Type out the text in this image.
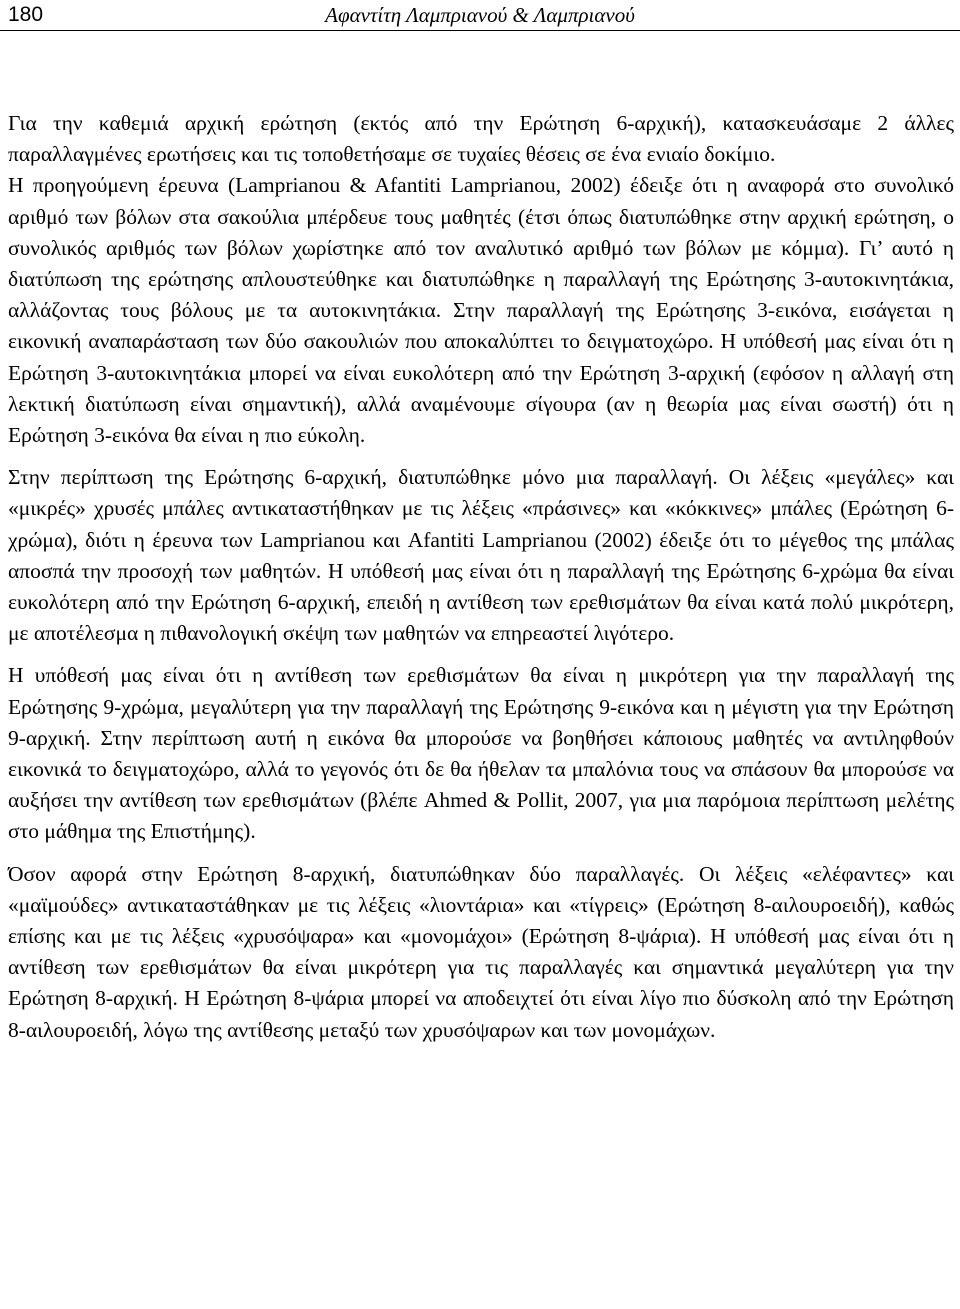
180	Αφαντίτη Λαμπριανού & Λαμπριανού

Για την καθεμιά αρχική ερώτηση (εκτός από την Ερώτηση 6-αρχική), κατασκευάσαμε 2 άλλες παραλλαγμένες ερωτήσεις και τις τοποθετήσαμε σε τυχαίες θέσεις σε ένα ενιαίο δοκίμιο.

Η προηγούμενη έρευνα (Lamprianou & Afantiti Lamprianou, 2002) έδειξε ότι η αναφορά στο συνολικό αριθμό των βόλων στα σακούλια μπέρδευε τους μαθητές (έτσι όπως διατυπώθηκε στην αρχική ερώτηση, ο συνολικός αριθμός των βόλων χωρίστηκε από τον αναλυτικό αριθμό των βόλων με κόμμα). Γι’ αυτό η διατύπωση της ερώτησης απλουστεύθηκε και διατυπώθηκε η παραλλαγή της Ερώτησης 3-αυτοκινητάκια, αλλάζοντας τους βόλους με τα αυτοκινητάκια. Στην παραλλαγή της Ερώτησης 3-εικόνα, εισάγεται η εικονική αναπαράσταση των δύο σακουλιών που αποκαλύπτει το δειγματοχώρο. Η υπόθεσή μας είναι ότι η Ερώτηση 3-αυτοκινητάκια μπορεί να είναι ευκολότερη από την Ερώτηση 3-αρχική (εφόσον η αλλαγή στη λεκτική διατύπωση είναι σημαντική), αλλά αναμένουμε σίγουρα (αν η θεωρία μας είναι σωστή) ότι η Ερώτηση 3-εικόνα θα είναι η πιο εύκολη.

Στην περίπτωση της Ερώτησης 6-αρχική, διατυπώθηκε μόνο μια παραλλαγή. Οι λέξεις «μεγάλες» και «μικρές» χρυσές μπάλες αντικαταστήθηκαν με τις λέξεις «πράσινες» και «κόκκινες» μπάλες (Ερώτηση 6-χρώμα), διότι η έρευνα των Lamprianou και Afantiti Lamprianou (2002) έδειξε ότι το μέγεθος της μπάλας αποσπά την προσοχή των μαθητών. Η υπόθεσή μας είναι ότι η παραλλαγή της Ερώτησης 6-χρώμα θα είναι ευκολότερη από την Ερώτηση 6-αρχική, επειδή η αντίθεση των ερεθισμάτων θα είναι κατά πολύ μικρότερη, με αποτέλεσμα η πιθανολογική σκέψη των μαθητών να επηρεαστεί λιγότερο.

Η υπόθεσή μας είναι ότι η αντίθεση των ερεθισμάτων θα είναι η μικρότερη για την παραλλαγή της Ερώτησης 9-χρώμα, μεγαλύτερη για την παραλλαγή της Ερώτησης 9-εικόνα και η μέγιστη για την Ερώτηση 9-αρχική. Στην περίπτωση αυτή η εικόνα θα μπορούσε να βοηθήσει κάποιους μαθητές να αντιληφθούν εικονικά το δειγματοχώρο, αλλά το γεγονός ότι δε θα ήθελαν τα μπαλόνια τους να σπάσουν θα μπορούσε να αυξήσει την αντίθεση των ερεθισμάτων (βλέπε Ahmed & Pollit, 2007, για μια παρόμοια περίπτωση μελέτης στο μάθημα της Επιστήμης).

Όσον αφορά στην Ερώτηση 8-αρχική, διατυπώθηκαν δύο παραλλαγές. Οι λέξεις «ελέφαντες» και «μαϊμούδες» αντικαταστάθηκαν με τις λέξεις «λιοντάρια» και «τίγρεις» (Ερώτηση 8-αιλουροειδή), καθώς επίσης και με τις λέξεις «χρυσόψαρα» και «μονομάχοι» (Ερώτηση 8-ψάρια). Η υπόθεσή μας είναι ότι η αντίθεση των ερεθισμάτων θα είναι μικρότερη για τις παραλλαγές και σημαντικά μεγαλύτερη για την Ερώτηση 8-αρχική. Η Ερώτηση 8-ψάρια μπορεί να αποδειχτεί ότι είναι λίγο πιο δύσκολη από την Ερώτηση 8-αιλουροειδή, λόγω της αντίθεσης μεταξύ των χρυσόψαρων και των μονομάχων.
